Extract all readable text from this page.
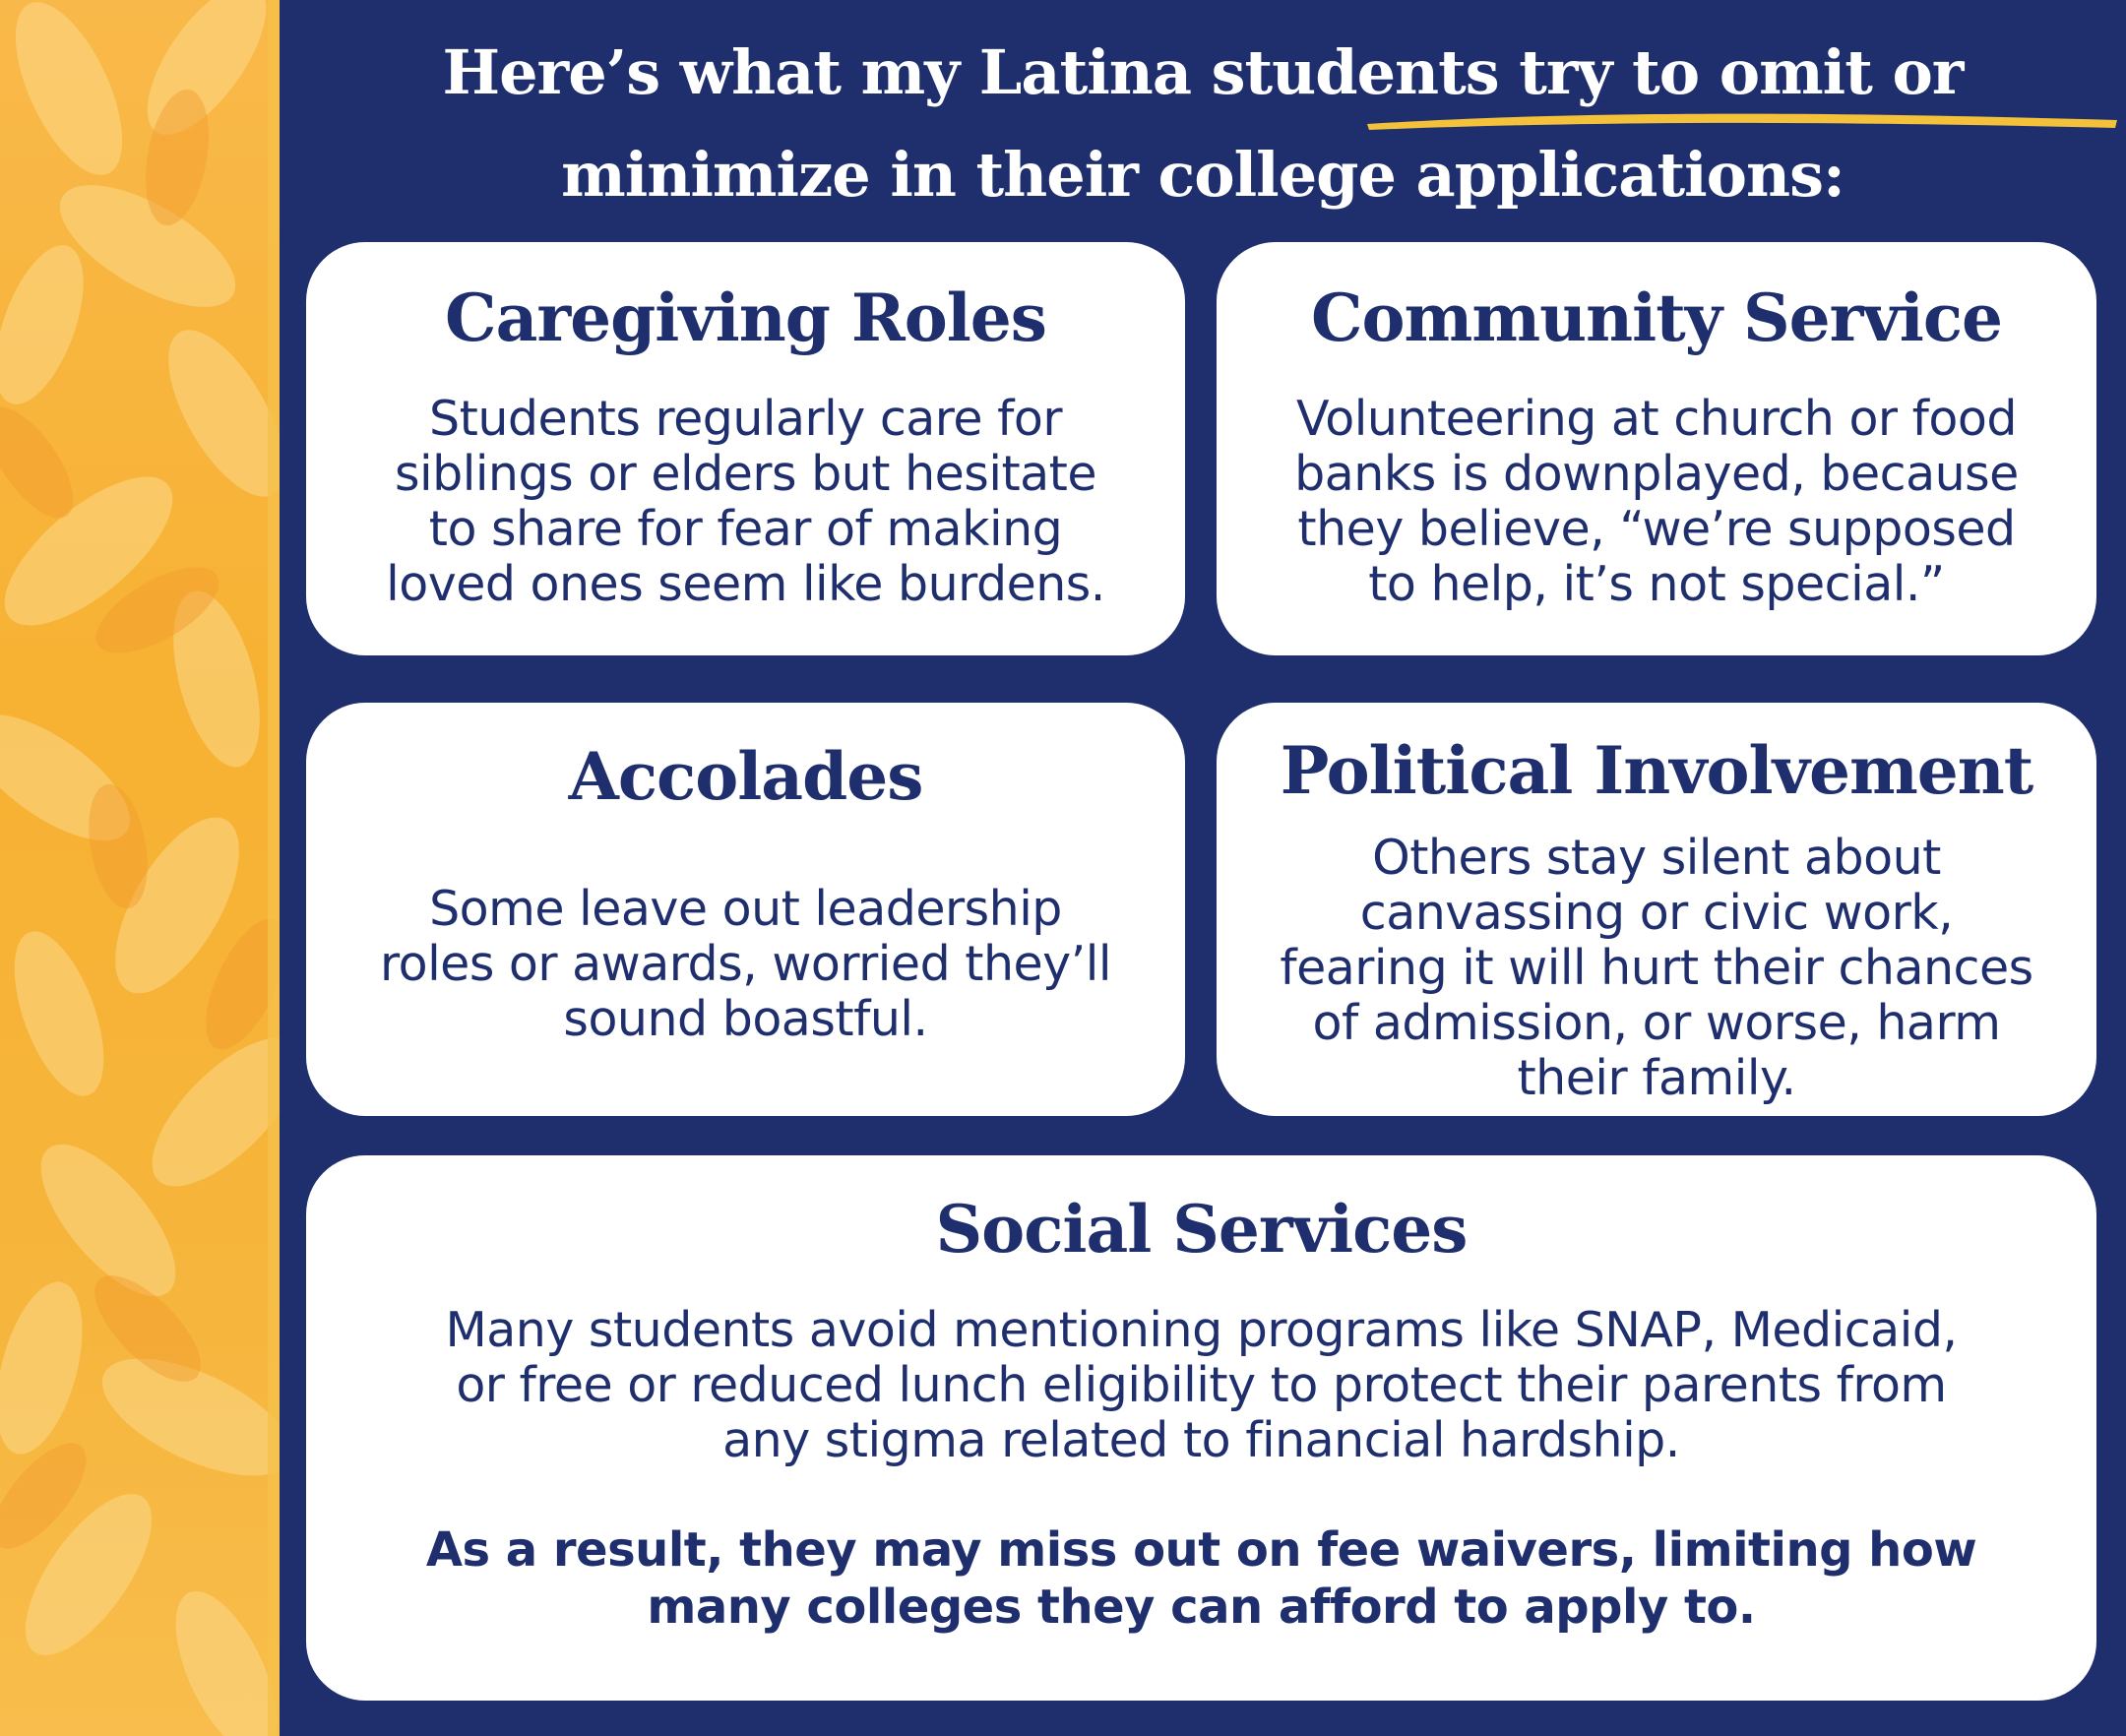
Here’s what my Latina students try to omit or
minimize in their college applications:
Caregiving Roles
Students regularly care for
siblings or elders but hesitate
to share for fear of making
loved ones seem like burdens.
Community Service
Volunteering at church or food
banks is downplayed, because
they believe, “we’re supposed
to help, it’s not special.”
Accolades
Some leave out leadership
roles or awards, worried they’ll
sound boastful.
Political Involvement
Others stay silent about
canvassing or civic work,
fearing it will hurt their chances
of admission, or worse, harm
their family.
Social Services
Many students avoid mentioning programs like SNAP, Medicaid,
or free or reduced lunch eligibility to protect their parents from
any stigma related to financial hardship.
As a result, they may miss out on fee waivers, limiting how
many colleges they can afford to apply to.
